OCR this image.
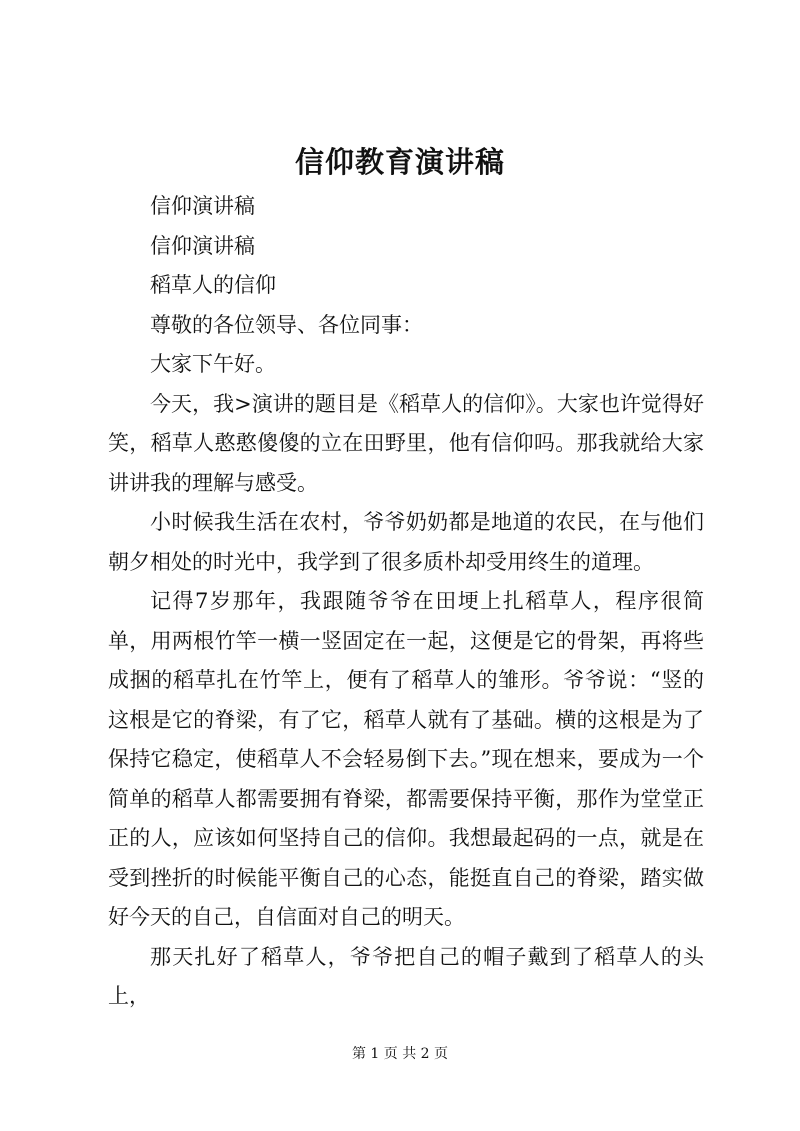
信仰教育演讲稿

信仰演讲稿

信仰演讲稿

稻草人的信仰

尊敬的各位领导、各位同事：

大家下午好。

今天，我>演讲的题目是《稻草人的信仰》。大家也许觉得好笑，稻草人憨憨傻傻的立在田野里，他有信仰吗。那我就给大家讲讲我的理解与感受。

小时候我生活在农村，爷爷奶奶都是地道的农民，在与他们朝夕相处的时光中，我学到了很多质朴却受用终生的道理。

记得7岁那年，我跟随爷爷在田埂上扎稻草人，程序很简单，用两根竹竿一横一竖固定在一起，这便是它的骨架，再将些成捆的稻草扎在竹竿上，便有了稻草人的雏形。爷爷说：“竖的这根是它的脊梁，有了它，稻草人就有了基础。横的这根是为了保持它稳定，使稻草人不会轻易倒下去。”现在想来，要成为一个简单的稻草人都需要拥有脊梁，都需要保持平衡，那作为堂堂正正的人，应该如何坚持自己的信仰。我想最起码的一点，就是在受到挫折的时候能平衡自己的心态，能挺直自己的脊梁，踏实做好今天的自己，自信面对自己的明天。

那天扎好了稻草人，爷爷把自己的帽子戴到了稻草人的头上，

第 1 页 共 2 页
